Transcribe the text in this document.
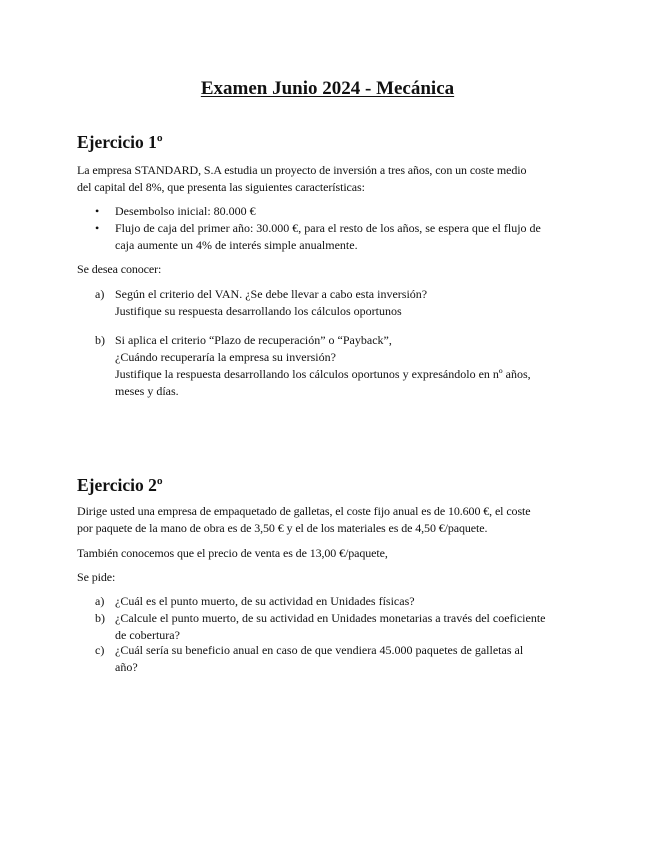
Examen Junio 2024 - Mecánica
Ejercicio 1º
La empresa STANDARD, S.A estudia un proyecto de inversión a tres años, con un coste medio
del capital del 8%, que presenta las siguientes características:
• Desembolso inicial: 80.000 €
• Flujo de caja del primer año: 30.000 €, para el resto de los años, se espera que el flujo de
caja aumente un 4% de interés simple anualmente.
Se desea conocer:
a) Según el criterio del VAN. ¿Se debe llevar a cabo esta inversión?
Justifique su respuesta desarrollando los cálculos oportunos
b) Si aplica el criterio “Plazo de recuperación” o “Payback”,
¿Cuándo recuperaría la empresa su inversión?
Justifique la respuesta desarrollando los cálculos oportunos y expresándolo en nº años,
meses y días.
Ejercicio 2º
Dirige usted una empresa de empaquetado de galletas, el coste fijo anual es de 10.600 €, el coste
por paquete de la mano de obra es de 3,50 € y el de los materiales es de 4,50 €/paquete.
También conocemos que el precio de venta es de 13,00 €/paquete,
Se pide:
a) ¿Cuál es el punto muerto, de su actividad en Unidades físicas?
b) ¿Calcule el punto muerto, de su actividad en Unidades monetarias a través del coeficiente
de cobertura?
c) ¿Cuál sería su beneficio anual en caso de que vendiera 45.000 paquetes de galletas al
año?
